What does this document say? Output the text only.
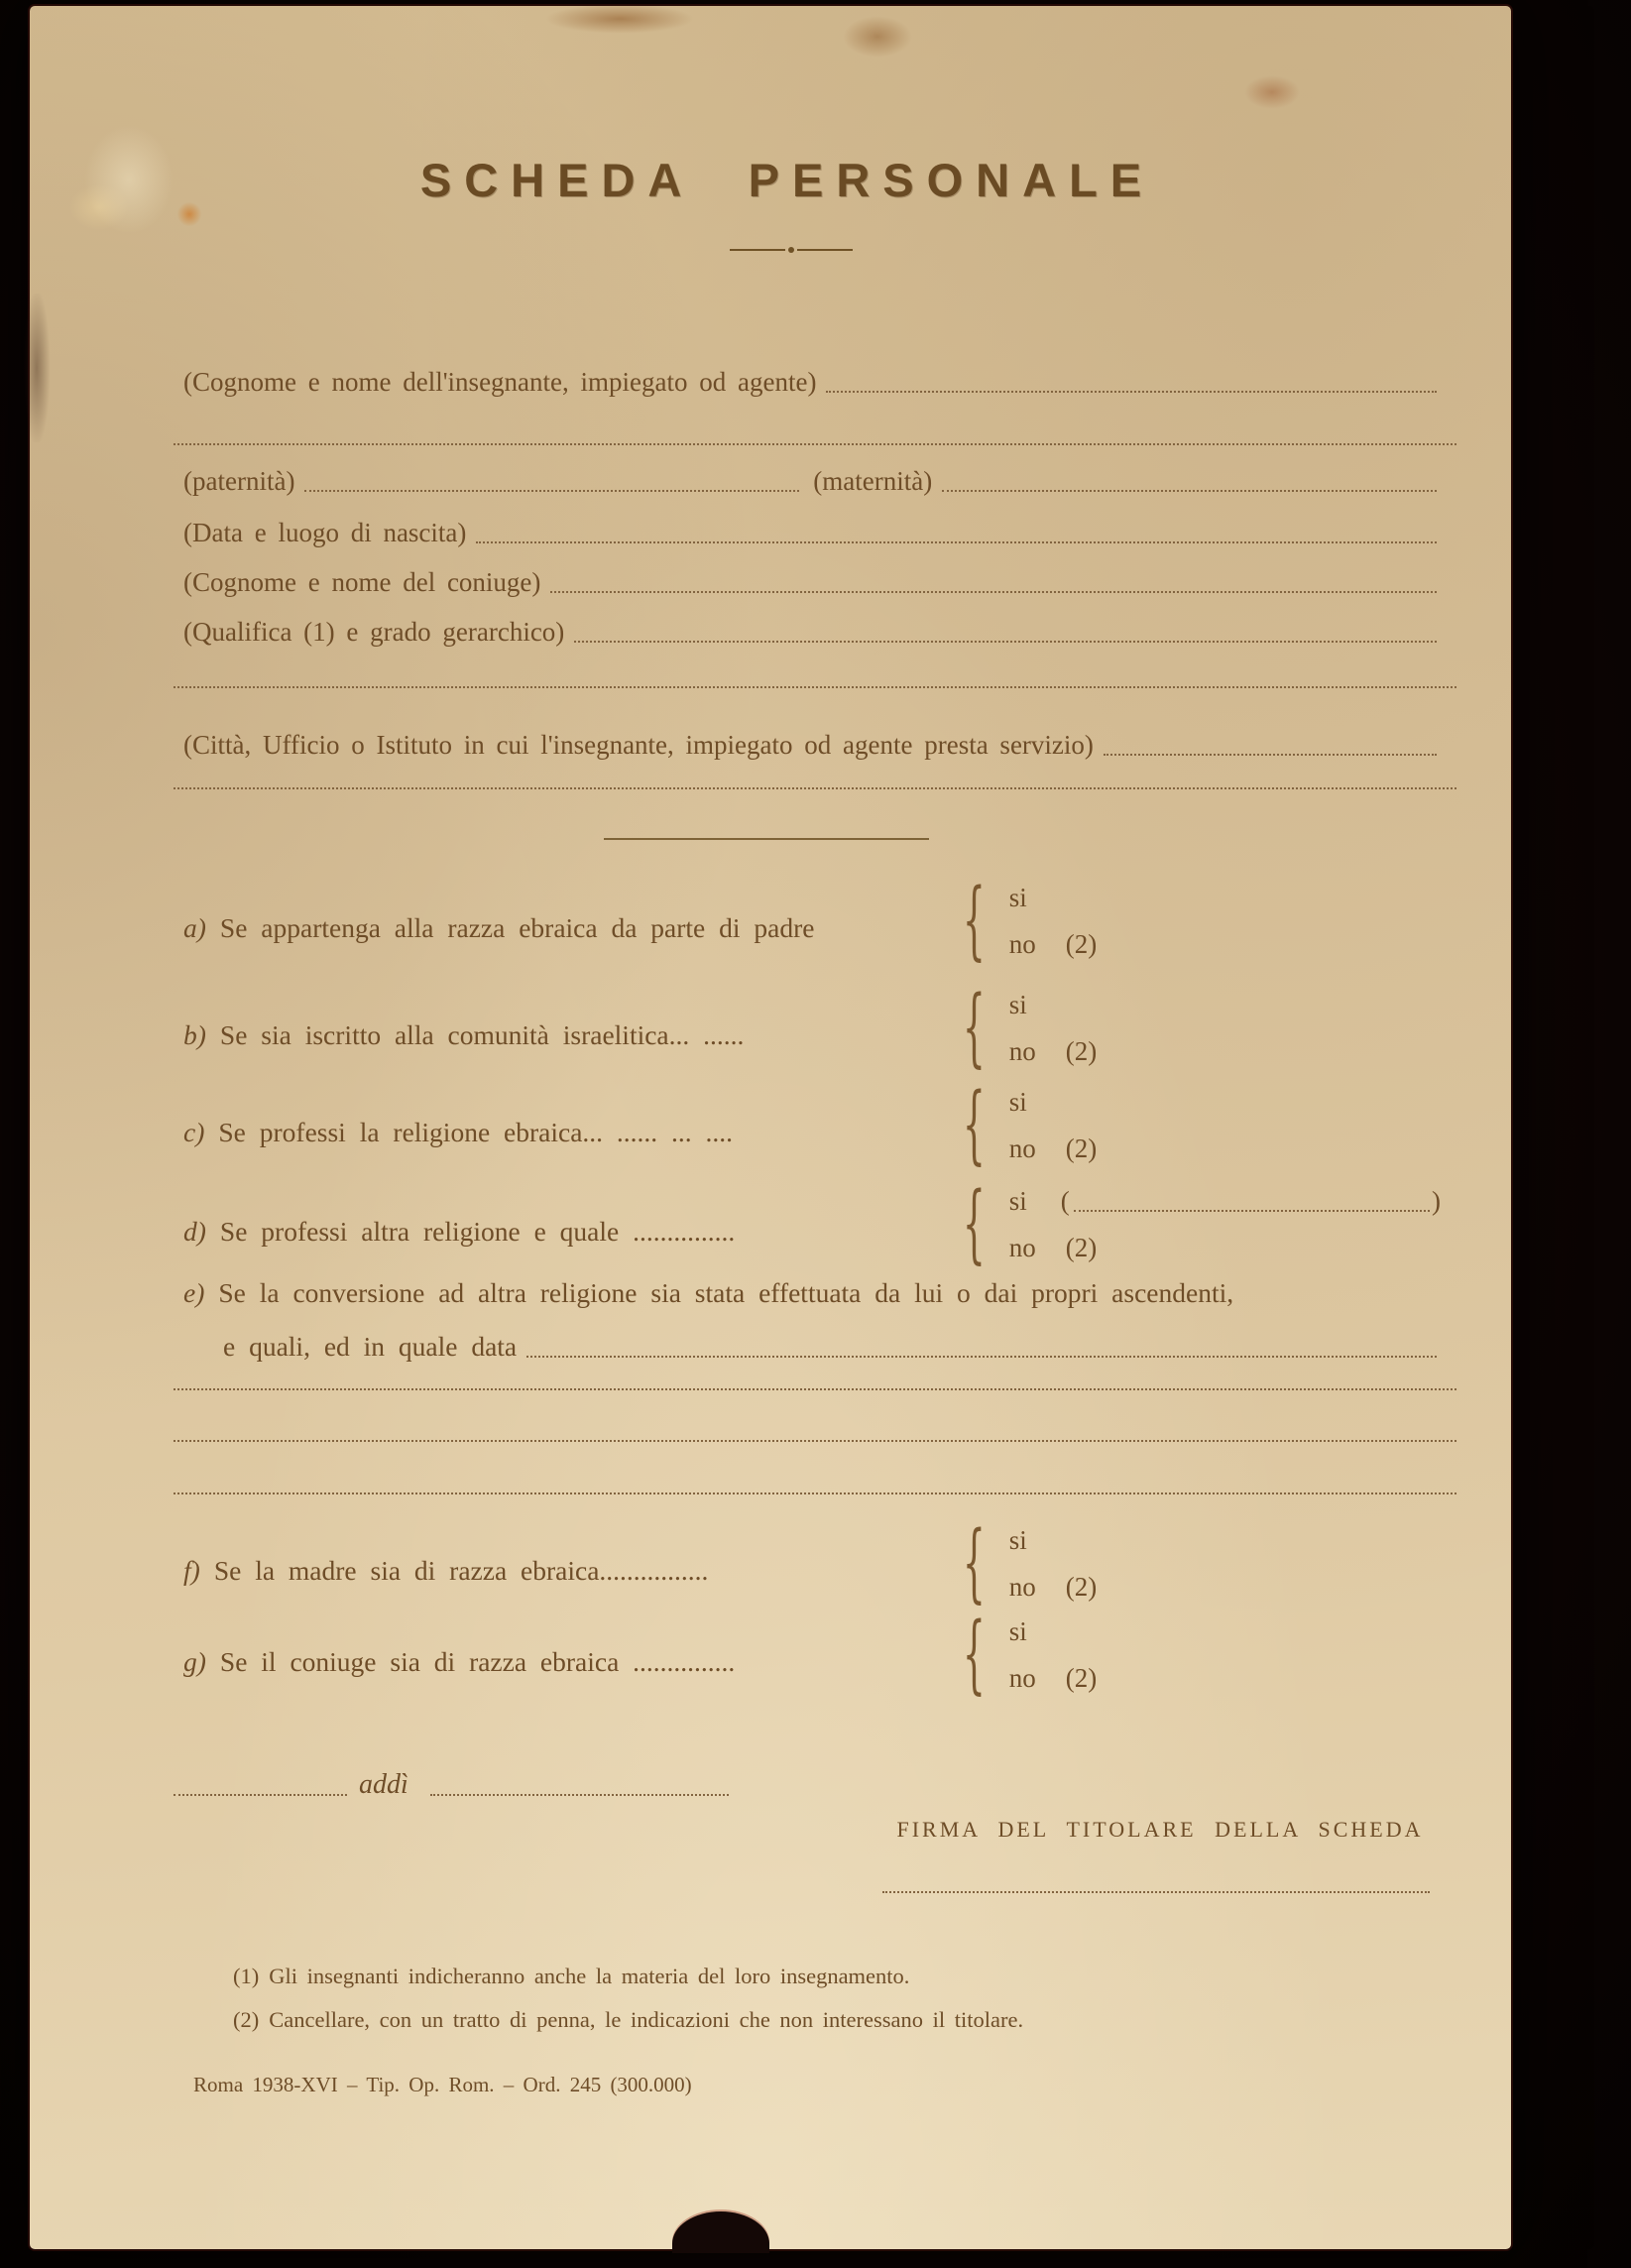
SCHEDA PERSONALE
(Cognome e nome dell'insegnante, impiegato od agente)
(paternità)	(maternità)
(Data e luogo di nascita)
(Cognome e nome del coniuge)
(Qualifica (1) e grado gerarchico)
(Città, Ufficio o Istituto in cui l'insegnante, impiegato od agente presta servizio)
a) Se appartenga alla razza ebraica da parte di padre { si
no (2)
b) Se sia iscritto alla comunità israelitica... ......	{ si
no (2)
c) Se professi la religione ebraica... ...... ... ....	{ si
no (2)
d) Se professi altra religione e quale ...............	{ si (	)
no (2)
e) Se la conversione ad altra religione sia stata effettuata da lui o dai propri ascendenti,
e quali, ed in quale data
f) Se la madre sia di razza ebraica................	{ si
no (2)
g) Se il coniuge sia di razza ebraica ...............	{ si
no (2)
addì
FIRMA DEL TITOLARE DELLA SCHEDA
(1) Gli insegnanti indicheranno anche la materia del loro insegnamento.
(2) Cancellare, con un tratto di penna, le indicazioni che non interessano il titolare.
Roma 1938-XVI – Tip. Op. Rom. – Ord. 245 (300.000)
